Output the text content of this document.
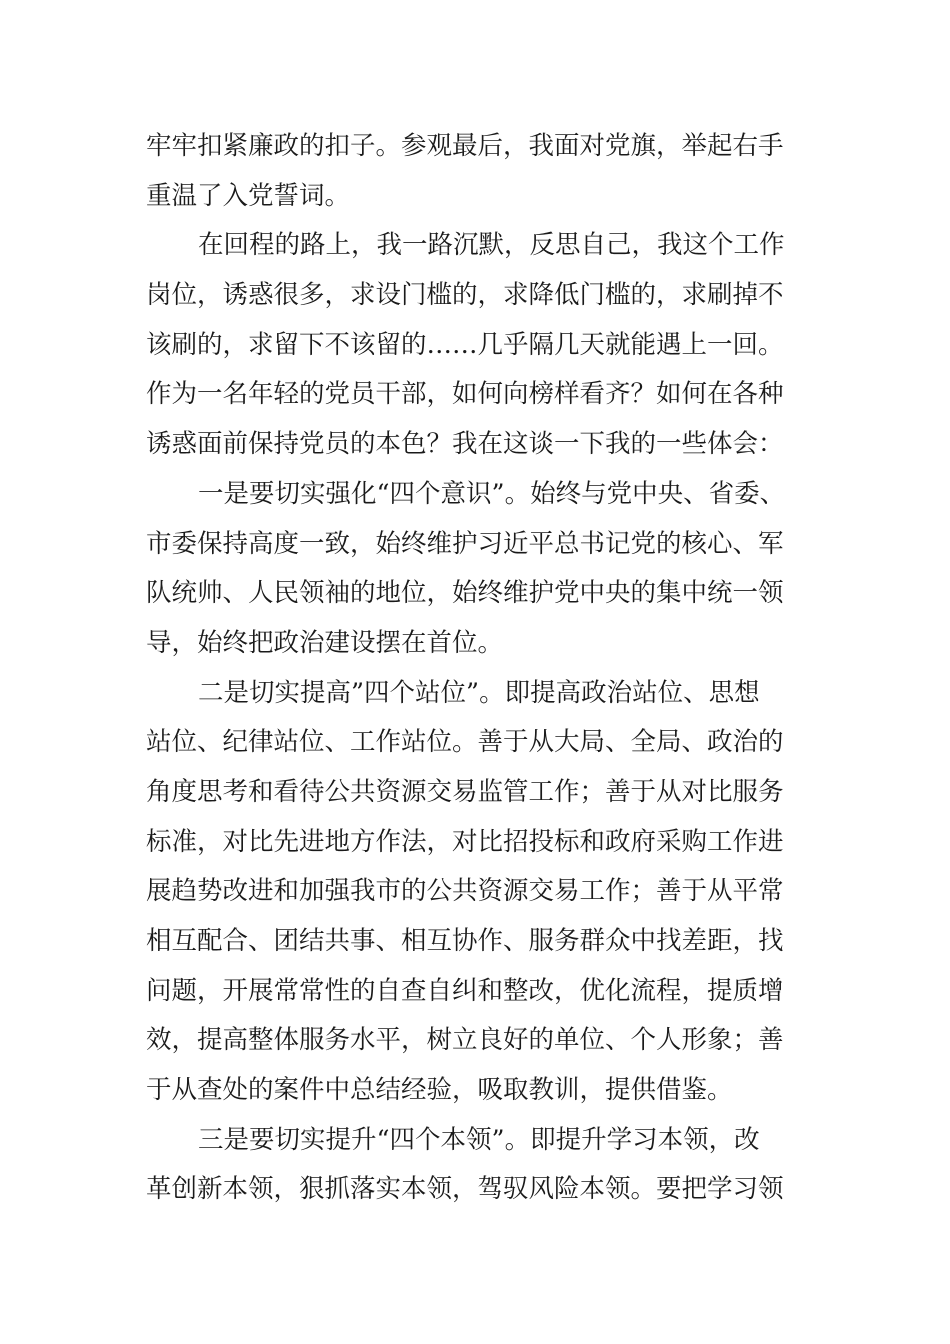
牢牢扣紧廉政的扣子。参观最后，我面对党旗，举起右手
重温了入党誓词。
在回程的路上，我一路沉默，反思自己，我这个工作
岗位，诱惑很多，求设门槛的，求降低门槛的，求刷掉不
该刷的，求留下不该留的……几乎隔几天就能遇上一回。
作为一名年轻的党员干部，如何向榜样看齐？如何在各种
诱惑面前保持党员的本色？我在这谈一下我的一些体会：
一是要切实强化“四个意识”。始终与党中央、省委、
市委保持高度一致，始终维护习近平总书记党的核心、军
队统帅、人民领袖的地位，始终维护党中央的集中统一领
导，始终把政治建设摆在首位。
二是切实提高”四个站位”。即提高政治站位、思想
站位、纪律站位、工作站位。善于从大局、全局、政治的
角度思考和看待公共资源交易监管工作；善于从对比服务
标准，对比先进地方作法，对比招投标和政府采购工作进
展趋势改进和加强我市的公共资源交易工作；善于从平常
相互配合、团结共事、相互协作、服务群众中找差距，找
问题，开展常常性的自查自纠和整改，优化流程，提质增
效，提高整体服务水平，树立良好的单位、个人形象；善
于从查处的案件中总结经验，吸取教训，提供借鉴。
三是要切实提升“四个本领”。即提升学习本领，改
革创新本领，狠抓落实本领，驾驭风险本领。要把学习领
